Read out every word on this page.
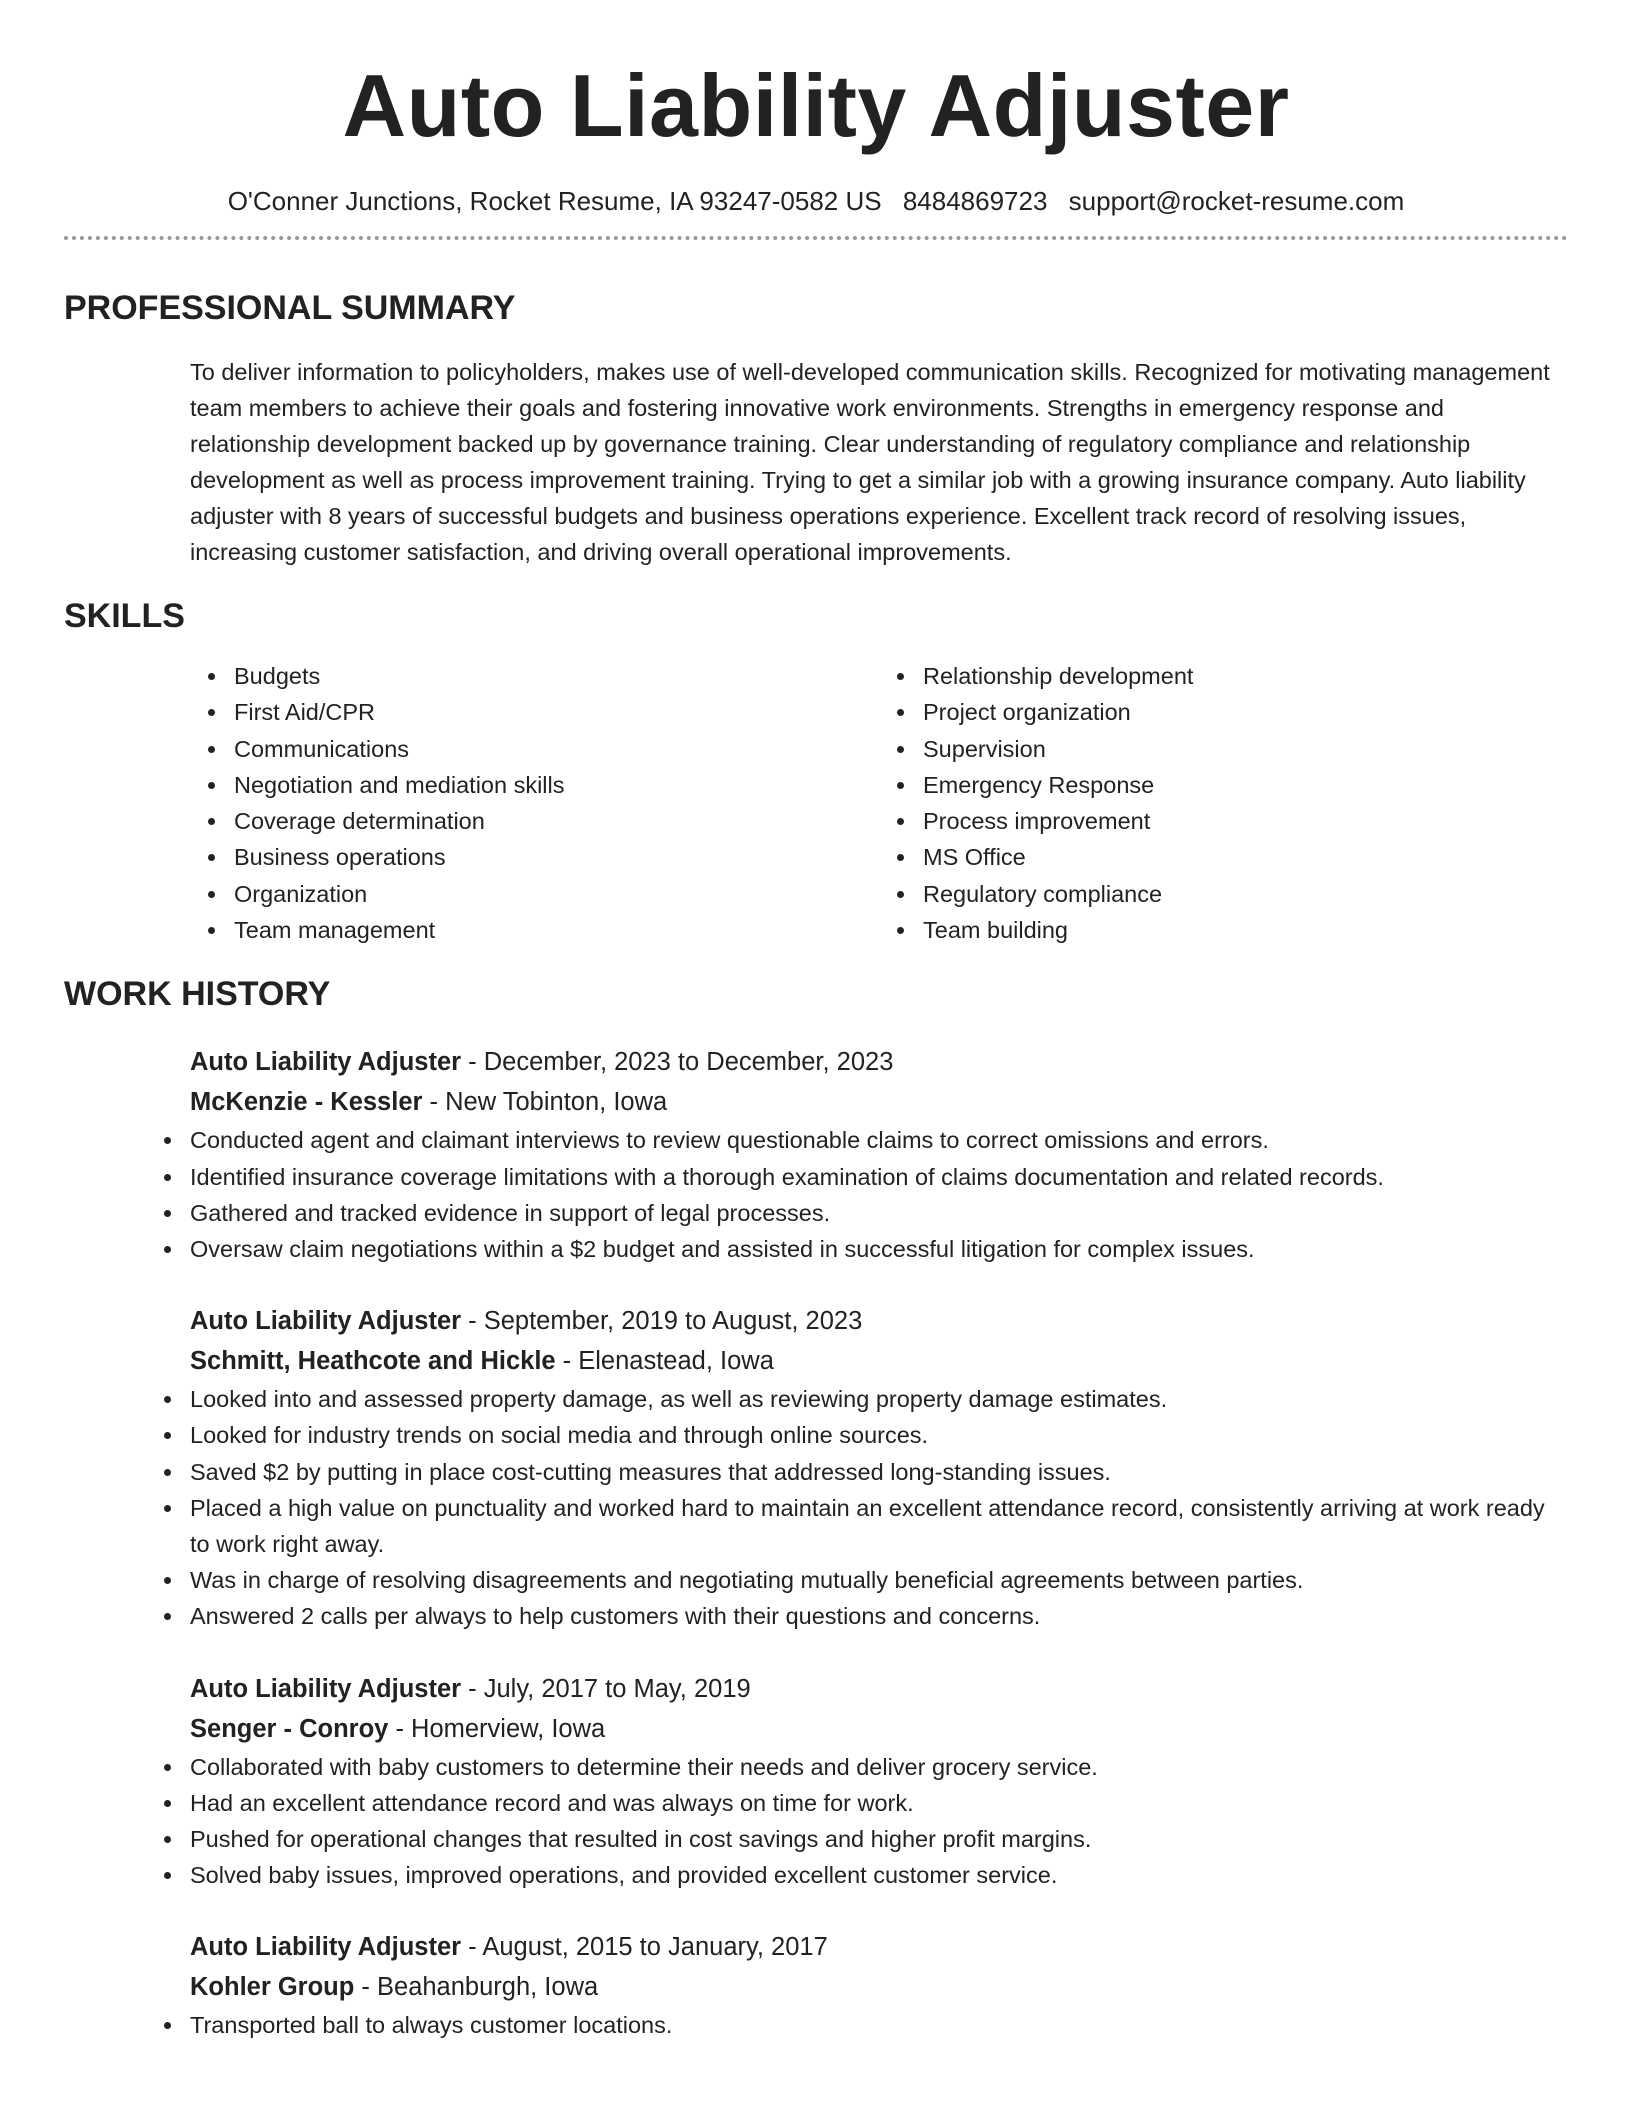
Auto Liability Adjuster
O'Conner Junctions, Rocket Resume, IA 93247-0582 US 8484869723 support@rocket-resume.com
PROFESSIONAL SUMMARY

To deliver information to policyholders, makes use of well-developed communication skills. Recognized for motivating management team members to achieve their goals and fostering innovative work environments. Strengths in emergency response and relationship development backed up by governance training. Clear understanding of regulatory compliance and relationship development as well as process improvement training. Trying to get a similar job with a growing insurance company. Auto liability adjuster with 8 years of successful budgets and business operations experience. Excellent track record of resolving issues, increasing customer satisfaction, and driving overall operational improvements.

SKILLS
Budgets
First Aid/CPR
Communications
Negotiation and mediation skills
Coverage determination
Business operations
Organization
Team management
Relationship development
Project organization
Supervision
Emergency Response
Process improvement
MS Office
Regulatory compliance
Team building
WORK HISTORY
Auto Liability Adjuster - December, 2023 to December, 2023
McKenzie - Kessler - New Tobinton, Iowa
Conducted agent and claimant interviews to review questionable claims to correct omissions and errors.
Identified insurance coverage limitations with a thorough examination of claims documentation and related records.
Gathered and tracked evidence in support of legal processes.
Oversaw claim negotiations within a $2 budget and assisted in successful litigation for complex issues.
Auto Liability Adjuster - September, 2019 to August, 2023
Schmitt, Heathcote and Hickle - Elenastead, Iowa
Looked into and assessed property damage, as well as reviewing property damage estimates.
Looked for industry trends on social media and through online sources.
Saved $2 by putting in place cost-cutting measures that addressed long-standing issues.
Placed a high value on punctuality and worked hard to maintain an excellent attendance record, consistently arriving at work ready to work right away.
Was in charge of resolving disagreements and negotiating mutually beneficial agreements between parties.
Answered 2 calls per always to help customers with their questions and concerns.
Auto Liability Adjuster - July, 2017 to May, 2019
Senger - Conroy - Homerview, Iowa
Collaborated with baby customers to determine their needs and deliver grocery service.
Had an excellent attendance record and was always on time for work.
Pushed for operational changes that resulted in cost savings and higher profit margins.
Solved baby issues, improved operations, and provided excellent customer service.
Auto Liability Adjuster - August, 2015 to January, 2017
Kohler Group - Beahanburgh, Iowa
Transported ball to always customer locations.
